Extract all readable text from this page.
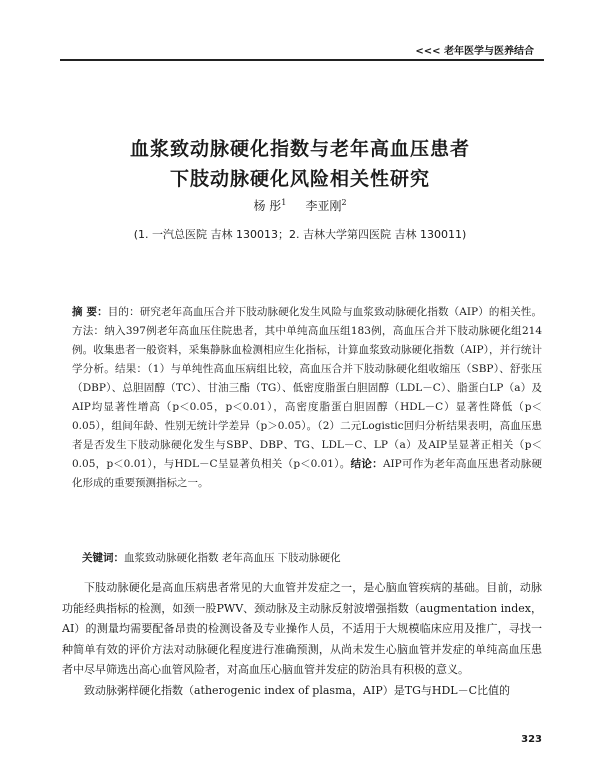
<<< 老年医学与医养结合
血浆致动脉硬化指数与老年高血压患者
下肢动脉硬化风险相关性研究
杨 彤$^1$ 李亚刚$^2$
(1. 一汽总医院 吉林 130013；2. 吉林大学第四医院 吉林 130011)
摘 要：目的：研究老年高血压合并下肢动脉硬化发生风险与血浆致动脉硬化指数（AIP）的相关性。方法：纳入397例老年高血压住院患者，其中单纯高血压组183例，高血压合并下肢动脉硬化组214例。收集患者一般资料，采集静脉血检测相应生化指标，计算血浆致动脉硬化指数（AIP），并行统计学分析。结果：（1）与单纯性高血压病组比较，高血压合并下肢动脉硬化组收缩压（SBP）、舒张压（DBP）、总胆固醇（TC）、甘油三酯（TG）、低密度脂蛋白胆固醇（LDL－C）、脂蛋白LP（a）及AIP均显著性增高（p＜0.05，p＜0.01），高密度脂蛋白胆固醇（HDL－C）显著性降低（p＜0.05），组间年龄、性别无统计学差异（p＞0.05）。（2）二元Logistic回归分析结果表明，高血压患者是否发生下肢动脉硬化发生与SBP、DBP、TG、LDL－C、LP（a）及AIP呈显著正相关（p＜0.05，p＜0.01），与HDL－C呈显著负相关（p＜0.01）。结论：AIP可作为老年高血压患者动脉硬化形成的重要预测指标之一。
关键词：血浆致动脉硬化指数 老年高血压 下肢动脉硬化

下肢动脉硬化是高血压病患者常见的大血管并发症之一，是心脑血管疾病的基础。目前，动脉功能经典指标的检测，如颈一股PWV、颈动脉及主动脉反射波增强指数（augmentation index，AI）的测量均需要配备昂贵的检测设备及专业操作人员，不适用于大规模临床应用及推广，寻找一种简单有效的评价方法对动脉硬化程度进行准确预测，从尚未发生心脑血管并发症的单纯高血压患者中尽早筛选出高心血管风险者，对高血压心脑血管并发症的防治具有积极的意义。

致动脉粥样硬化指数（atherogenic index of plasma，AIP）是TG与HDL－C比值的

323
